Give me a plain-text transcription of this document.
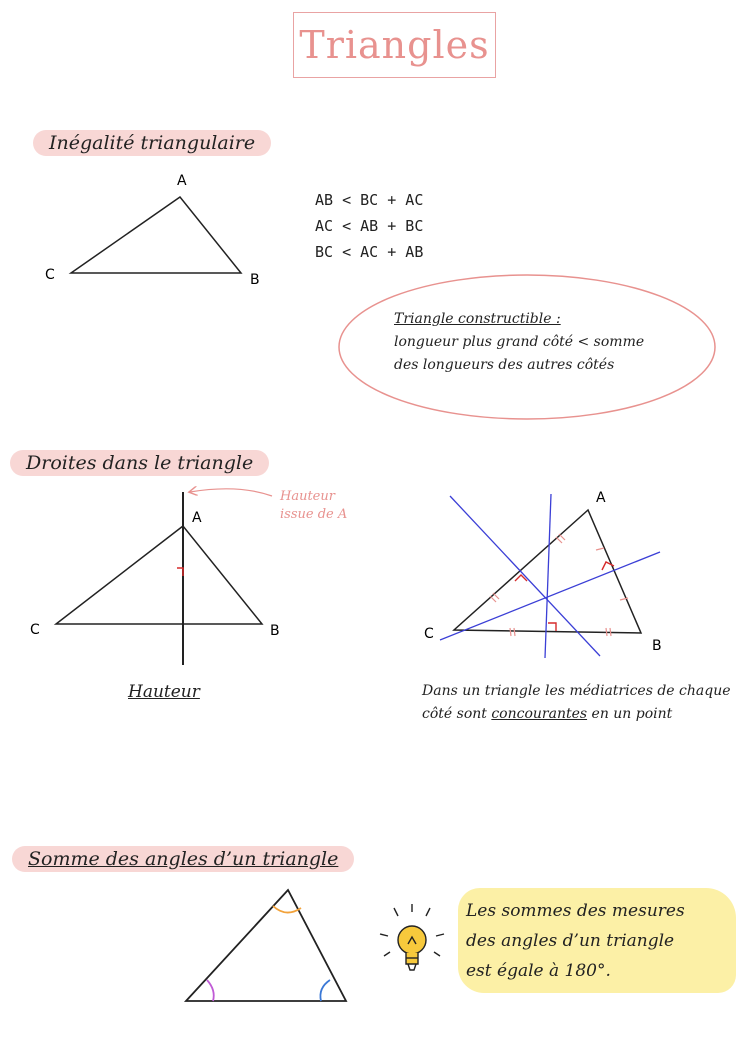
Triangles
Inégalité triangulaire
A
B
C
AB < BC + AC
AC < AB + BC
BC < AC + AB
Triangle constructible :
longueur plus grand côté < somme
des longueurs des autres côtés
Droites dans le triangle
A
B
C
Hauteur
issue de A
Hauteur
A
B
C
Dans un triangle les médiatrices de chaque côté sont concourantes en un point
Somme des angles d’un triangle
Les sommes des mesures
des angles d’un triangle
est égale à 180°.
